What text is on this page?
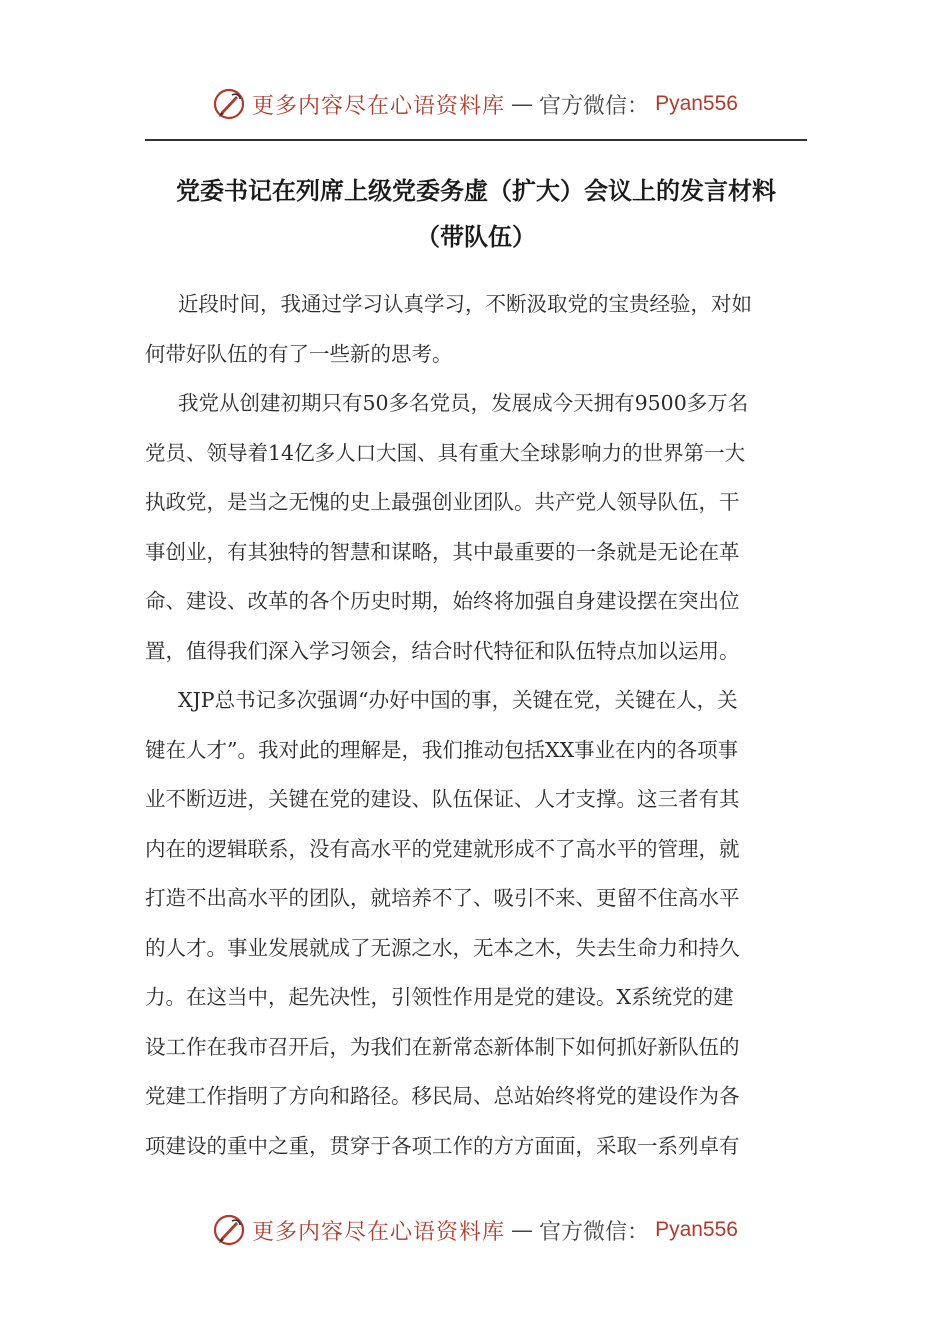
更多内容尽在心语资料库 — 官方微信： Pyan556
党委书记在列席上级党委务虚（扩大）会议上的发言材料
（带队伍）

近段时间，我通过学习认真学习，不断汲取党的宝贵经验，对如
何带好队伍的有了一些新的思考。

我党从创建初期只有50多名党员，发展成今天拥有9500多万名
党员、领导着14亿多人口大国、具有重大全球影响力的世界第一大
执政党，是当之无愧的史上最强创业团队。共产党人领导队伍，干
事创业，有其独特的智慧和谋略，其中最重要的一条就是无论在革
命、建设、改革的各个历史时期，始终将加强自身建设摆在突出位
置，值得我们深入学习领会，结合时代特征和队伍特点加以运用。

XJP总书记多次强调“办好中国的事，关键在党，关键在人，关
键在人才”。我对此的理解是，我们推动包括XX事业在内的各项事
业不断迈进，关键在党的建设、队伍保证、人才支撑。这三者有其
内在的逻辑联系，没有高水平的党建就形成不了高水平的管理，就
打造不出高水平的团队，就培养不了、吸引不来、更留不住高水平
的人才。事业发展就成了无源之水，无本之木，失去生命力和持久
力。在这当中，起先决性，引领性作用是党的建设。X系统党的建
设工作在我市召开后，为我们在新常态新体制下如何抓好新队伍的
党建工作指明了方向和路径。移民局、总站始终将党的建设作为各
项建设的重中之重，贯穿于各项工作的方方面面，采取一系列卓有

更多内容尽在心语资料库 — 官方微信： Pyan556
